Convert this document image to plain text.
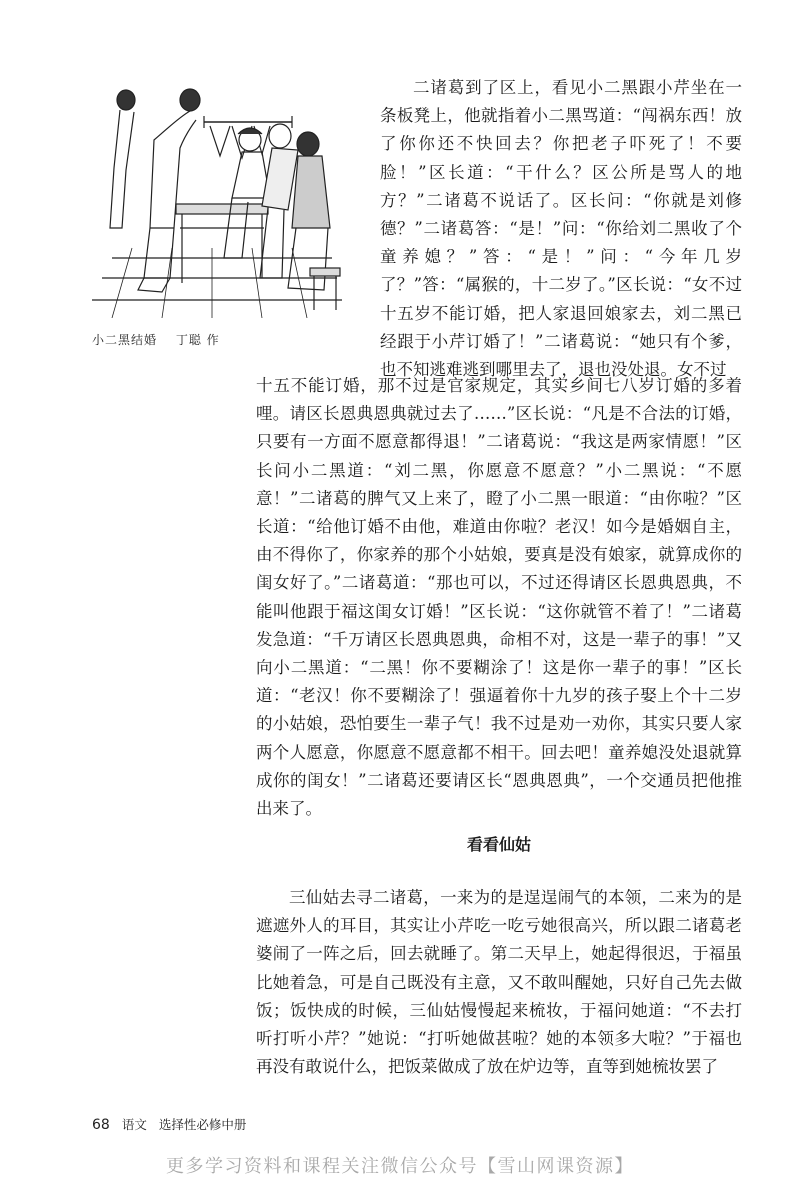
小二黑结婚 丁聪 作

二诸葛到了区上，看见小二黑跟小芹坐在一条板凳上，他就指着小二黑骂道：“闯祸东西！放了你你还不快回去？你把老子吓死了！不要脸！”区长道：“干什么？区公所是骂人的地方？”二诸葛不说话了。区长问：“你就是刘修德？”二诸葛答：“是！”问：“你给刘二黑收了个童养媳？”答：“是！”问：“今年几岁了？”答：“属猴的，十二岁了。”区长说：“女不过十五岁不能订婚，把人家退回娘家去，刘二黑已经跟于小芹订婚了！”二诸葛说：“她只有个爹，也不知逃难逃到哪里去了，退也没处退。女不过

十五不能订婚，那不过是官家规定，其实乡间七八岁订婚的多着哩。请区长恩典恩典就过去了……”区长说：“凡是不合法的订婚，只要有一方面不愿意都得退！”二诸葛说：“我这是两家情愿！”区长问小二黑道：“刘二黑，你愿意不愿意？”小二黑说：“不愿意！”二诸葛的脾气又上来了，瞪了小二黑一眼道：“由你啦？”区长道：“给他订婚不由他，难道由你啦？老汉！如今是婚姻自主，由不得你了，你家养的那个小姑娘，要真是没有娘家，就算成你的闺女好了。”二诸葛道：“那也可以，不过还得请区长恩典恩典，不能叫他跟于福这闺女订婚！”区长说：“这你就管不着了！”二诸葛发急道：“千万请区长恩典恩典，命相不对，这是一辈子的事！”又向小二黑道：“二黑！你不要糊涂了！这是你一辈子的事！”区长道：“老汉！你不要糊涂了！强逼着你十九岁的孩子娶上个十二岁的小姑娘，恐怕要生一辈子气！我不过是劝一劝你，其实只要人家两个人愿意，你愿意不愿意都不相干。回去吧！童养媳没处退就算成你的闺女！”二诸葛还要请区长“恩典恩典”，一个交通员把他推出来了。

看看仙姑

三仙姑去寻二诸葛，一来为的是逞逞闹气的本领，二来为的是遮遮外人的耳目，其实让小芹吃一吃亏她很高兴，所以跟二诸葛老婆闹了一阵之后，回去就睡了。第二天早上，她起得很迟，于福虽比她着急，可是自己既没有主意，又不敢叫醒她，只好自己先去做饭；饭快成的时候，三仙姑慢慢起来梳妆，于福问她道：“不去打听打听小芹？”她说：“打听她做甚啦？她的本领多大啦？”于福也再没有敢说什么，把饭菜做成了放在炉边等，直等到她梳妆罢了

68 语文 选择性必修中册
更多学习资料和课程关注微信公众号【雪山网课资源】
